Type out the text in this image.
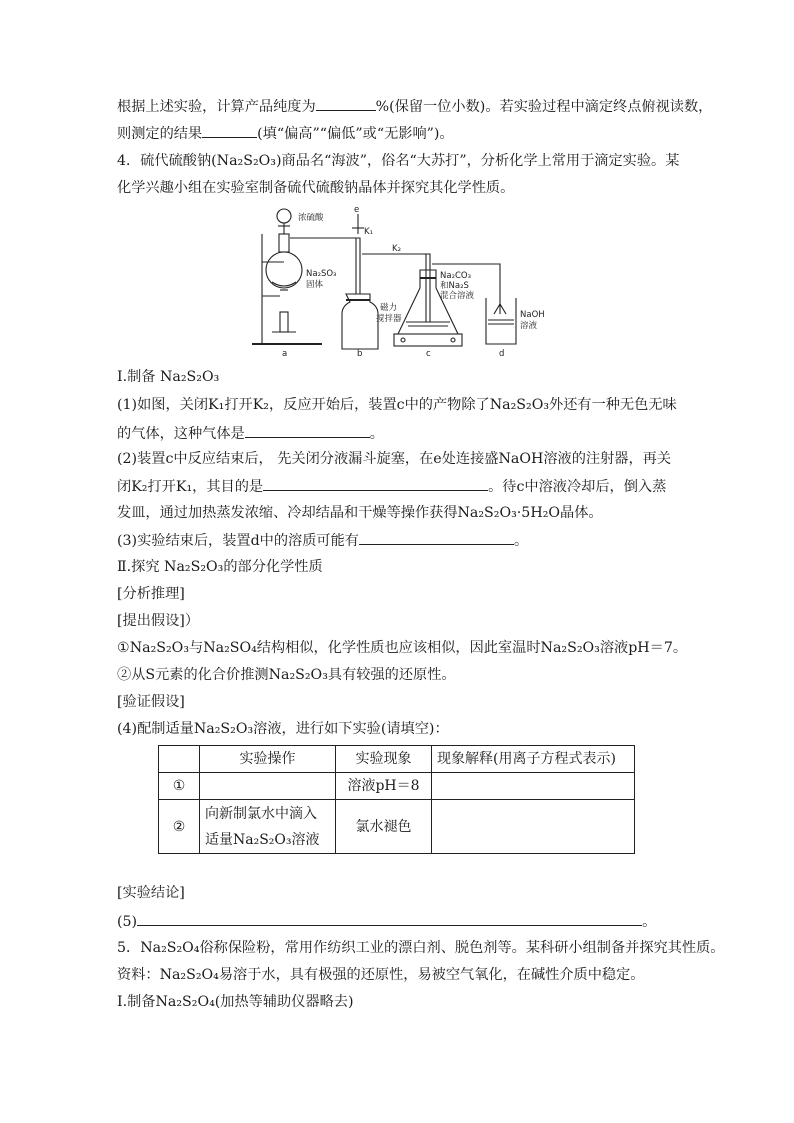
根据上述实验，计算产品纯度为	%(保留一位小数)。若实验过程中滴定终点俯视读数，
则测定的结果	(填“偏高”“偏低”或“无影响”)。
4．硫代硫酸钠(Na₂S₂O₃)商品名“海波”，俗名“大苏打”，分析化学上常用于滴定实验。某
化学兴趣小组在实验室制备硫代硫酸钠晶体并探究其化学性质。
浓硫酸
e
K₁
K₂
Na₂SO₃
固体
Na₂CO₃
和Na₂S
混合溶液
磁力
搅拌器	NaOH
溶液
a	b	c	d
Ⅰ.制备 Na₂S₂O₃
(1)如图，关闭K₁打开K₂，反应开始后，装置c中的产物除了Na₂S₂O₃外还有一种无色无味
的气体，这种气体是	。
(2)装置c中反应结束后， 先关闭分液漏斗旋塞，在e处连接盛NaOH溶液的注射器，再关
闭K₂打开K₁，其目的是	。待c中溶液冷却后，倒入蒸
发皿，通过加热蒸发浓缩、冷却结晶和干燥等操作获得Na₂S₂O₃·5H₂O晶体。
(3)实验结束后，装置d中的溶质可能有	。
Ⅱ.探究 Na₂S₂O₃的部分化学性质
[分析推理]
[提出假设]）
①Na₂S₂O₃与Na₂SO₄结构相似，化学性质也应该相似，因此室温时Na₂S₂O₃溶液pH＝7。
②从S元素的化合价推测Na₂S₂O₃具有较强的还原性。
[验证假设]
(4)配制适量Na₂S₂O₃溶液，进行如下实验(请填空)：
	实验操作	实验现象	现象解释(用离子方程式表示)
①		溶液pH＝8	
②	向新制氯水中滴入适量Na₂S₂O₃溶液	氯水褪色	
[实验结论]
(5)	。
5．Na₂S₂O₄俗称保险粉，常用作纺织工业的漂白剂、脱色剂等。某科研小组制备并探究其性质。
资料：Na₂S₂O₄易溶于水，具有极强的还原性，易被空气氧化，在碱性介质中稳定。
Ⅰ.制备Na₂S₂O₄(加热等辅助仪器略去)
